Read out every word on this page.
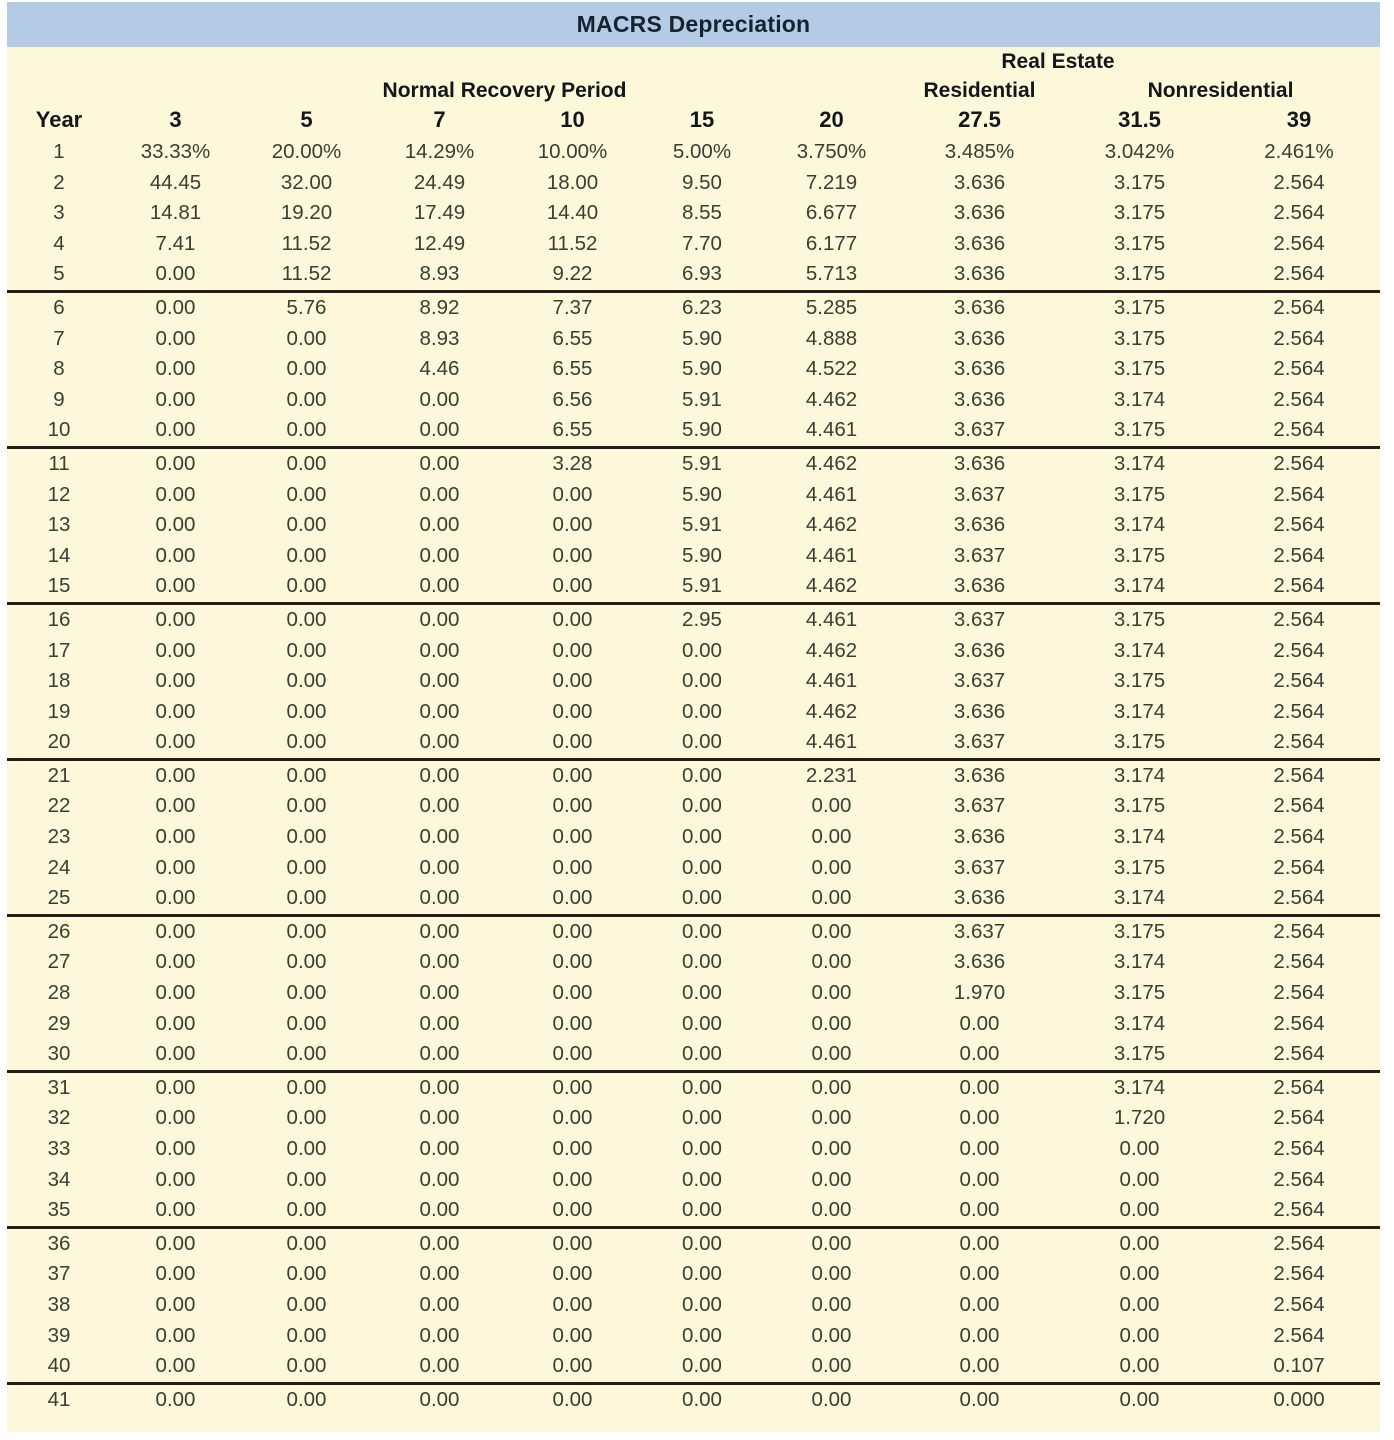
MACRS Depreciation
							Real Estate		
	Normal Recovery Period						Residential	Nonresidential	
Year	3	5	7	10	15	20	27.5	31.5	39
1	33.33%	20.00%	14.29%	10.00%	5.00%	3.750%	3.485%	3.042%	2.461%
2	44.45	32.00	24.49	18.00	9.50	7.219	3.636	3.175	2.564
3	14.81	19.20	17.49	14.40	8.55	6.677	3.636	3.175	2.564
4	7.41	11.52	12.49	11.52	7.70	6.177	3.636	3.175	2.564
5	0.00	11.52	8.93	9.22	6.93	5.713	3.636	3.175	2.564
6	0.00	5.76	8.92	7.37	6.23	5.285	3.636	3.175	2.564
7	0.00	0.00	8.93	6.55	5.90	4.888	3.636	3.175	2.564
8	0.00	0.00	4.46	6.55	5.90	4.522	3.636	3.175	2.564
9	0.00	0.00	0.00	6.56	5.91	4.462	3.636	3.174	2.564
10	0.00	0.00	0.00	6.55	5.90	4.461	3.637	3.175	2.564
11	0.00	0.00	0.00	3.28	5.91	4.462	3.636	3.174	2.564
12	0.00	0.00	0.00	0.00	5.90	4.461	3.637	3.175	2.564
13	0.00	0.00	0.00	0.00	5.91	4.462	3.636	3.174	2.564
14	0.00	0.00	0.00	0.00	5.90	4.461	3.637	3.175	2.564
15	0.00	0.00	0.00	0.00	5.91	4.462	3.636	3.174	2.564
16	0.00	0.00	0.00	0.00	2.95	4.461	3.637	3.175	2.564
17	0.00	0.00	0.00	0.00	0.00	4.462	3.636	3.174	2.564
18	0.00	0.00	0.00	0.00	0.00	4.461	3.637	3.175	2.564
19	0.00	0.00	0.00	0.00	0.00	4.462	3.636	3.174	2.564
20	0.00	0.00	0.00	0.00	0.00	4.461	3.637	3.175	2.564
21	0.00	0.00	0.00	0.00	0.00	2.231	3.636	3.174	2.564
22	0.00	0.00	0.00	0.00	0.00	0.00	3.637	3.175	2.564
23	0.00	0.00	0.00	0.00	0.00	0.00	3.636	3.174	2.564
24	0.00	0.00	0.00	0.00	0.00	0.00	3.637	3.175	2.564
25	0.00	0.00	0.00	0.00	0.00	0.00	3.636	3.174	2.564
26	0.00	0.00	0.00	0.00	0.00	0.00	3.637	3.175	2.564
27	0.00	0.00	0.00	0.00	0.00	0.00	3.636	3.174	2.564
28	0.00	0.00	0.00	0.00	0.00	0.00	1.970	3.175	2.564
29	0.00	0.00	0.00	0.00	0.00	0.00	0.00	3.174	2.564
30	0.00	0.00	0.00	0.00	0.00	0.00	0.00	3.175	2.564
31	0.00	0.00	0.00	0.00	0.00	0.00	0.00	3.174	2.564
32	0.00	0.00	0.00	0.00	0.00	0.00	0.00	1.720	2.564
33	0.00	0.00	0.00	0.00	0.00	0.00	0.00	0.00	2.564
34	0.00	0.00	0.00	0.00	0.00	0.00	0.00	0.00	2.564
35	0.00	0.00	0.00	0.00	0.00	0.00	0.00	0.00	2.564
36	0.00	0.00	0.00	0.00	0.00	0.00	0.00	0.00	2.564
37	0.00	0.00	0.00	0.00	0.00	0.00	0.00	0.00	2.564
38	0.00	0.00	0.00	0.00	0.00	0.00	0.00	0.00	2.564
39	0.00	0.00	0.00	0.00	0.00	0.00	0.00	0.00	2.564
40	0.00	0.00	0.00	0.00	0.00	0.00	0.00	0.00	0.107
41	0.00	0.00	0.00	0.00	0.00	0.00	0.00	0.00	0.000
